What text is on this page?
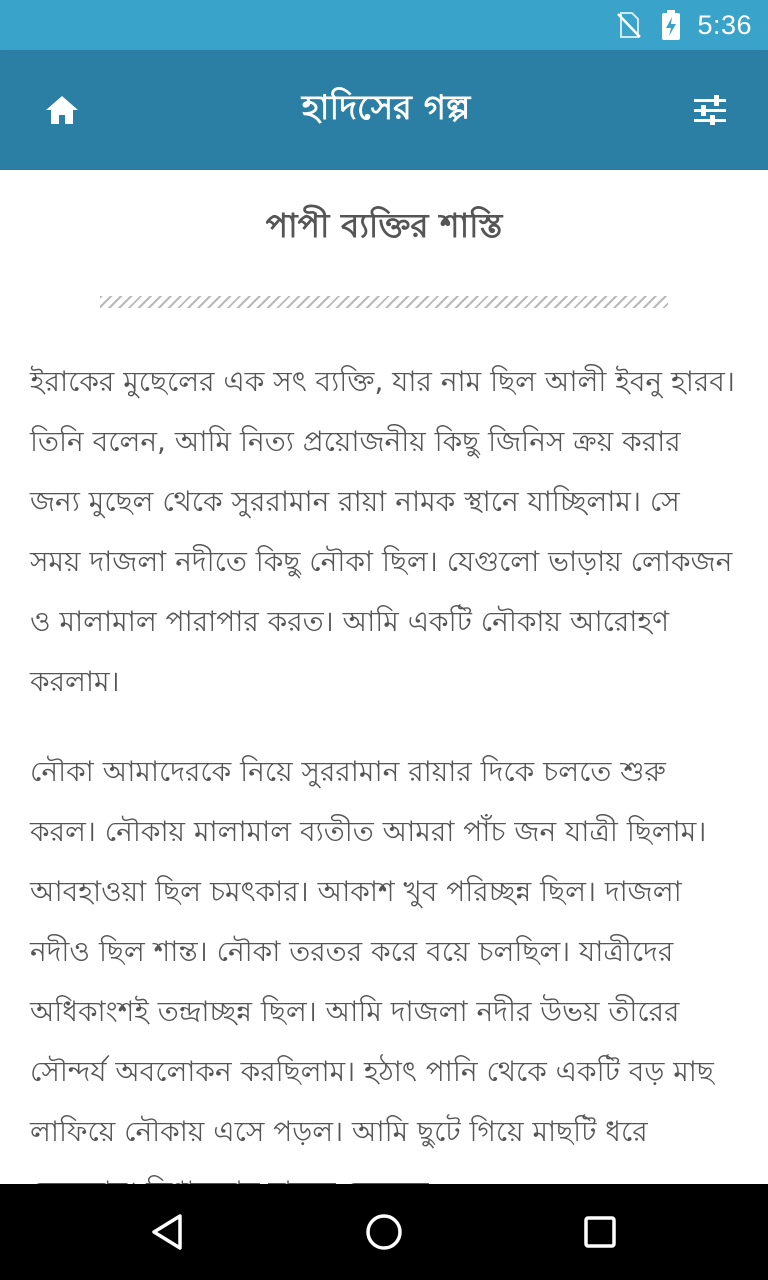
5:36
হাদিসের গল্প
পাপী ব্যক্তির শাস্তি

ইরাকের মুছেলের এক সৎ ব্যক্তি, যার নাম ছিল আলী ইবনু হারব। তিনি বলেন, আমি নিত্য প্রয়োজনীয় কিছু জিনিস ক্রয় করার জন্য মুছেল থেকে সুররামান রায়া নামক স্থানে যাচ্ছিলাম। সে সময় দাজলা নদীতে কিছু নৌকা ছিল। যেগুলো ভাড়ায় লোকজন ও মালামাল পারাপার করত। আমি একটি নৌকায় আরোহণ করলাম।

নৌকা আমাদেরকে নিয়ে সুররামান রায়ার দিকে চলতে শুরু করল। নৌকায় মালামাল ব্যতীত আমরা পাঁচ জন যাত্রী ছিলাম। আবহাওয়া ছিল চমৎকার। আকাশ খুব পরিচ্ছন্ন ছিল। দাজলা নদীও ছিল শান্ত। নৌকা তরতর করে বয়ে চলছিল। যাত্রীদের অধিকাংশই তন্দ্রাচ্ছন্ন ছিল। আমি দাজলা নদীর উভয় তীরের সৌন্দর্য অবলোকন করছিলাম। হঠাৎ পানি থেকে একটি বড় মাছ লাফিয়ে নৌকায় এসে পড়ল। আমি ছুটে গিয়ে মাছটি ধরে
